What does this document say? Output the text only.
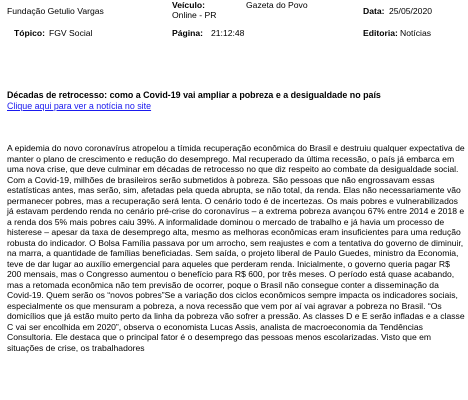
Fundação Getulio Vargas
Veículo:	Gazeta do Povo
Online - PR	Data: 25/05/2020
Tópico: FGV Social	Página: 21:12:48	Editoria: Notícias
Décadas de retrocesso: como a Covid-19 vai ampliar a pobreza e a desigualdade no país
Clique aqui para ver a notícia no site
A epidemia do novo coronavírus atropelou a tímida recuperação econômica do Brasil e destruiu qualquer expectativa de manter o plano de crescimento e redução do desemprego. Mal recuperado da última recessão, o país já embarca em uma nova crise, que deve culminar em décadas de retrocesso no que diz respeito ao combate da desigualdade social. Com a Covid-19, milhões de brasileiros serão submetidos à pobreza. São pessoas que não engrossavam essas estatísticas antes, mas serão, sim, afetadas pela queda abrupta, se não total, da renda. Elas não necessariamente vão permanecer pobres, mas a recuperação será lenta. O cenário todo é de incertezas. Os mais pobres e vulnerabilizados já estavam perdendo renda no cenário pré-crise do coronavírus – a extrema pobreza avançou 67% entre 2014 e 2018 e a renda dos 5% mais pobres caiu 39%. A informalidade dominou o mercado de trabalho e já havia um processo de histerese – apesar da taxa de desemprego alta, mesmo as melhoras econômicas eram insuficientes para uma redução robusta do indicador. O Bolsa Família passava por um arrocho, sem reajustes e com a tentativa do governo de diminuir, na marra, a quantidade de famílias beneficiadas. Sem saída, o projeto liberal de Paulo Guedes, ministro da Economia, teve de dar lugar ao auxílio emergencial para aqueles que perderam renda. Inicialmente, o governo queria pagar R$ 200 mensais, mas o Congresso aumentou o benefício para R$ 600, por três meses. O período está quase acabando, mas a retomada econômica não tem previsão de ocorrer, poque o Brasil não consegue conter a disseminação da Covid-19. Quem serão os “novos pobres”Se a variação dos ciclos econômicos sempre impacta os indicadores sociais, especialmente os que mensuram a pobreza, a nova recessão que vem por aí vai agravar a pobreza no Brasil. “Os domicílios que já estão muito perto da linha da pobreza vão sofrer a pressão. As classes D e E serão infladas e a classe C vai ser encolhida em 2020”, observa o economista Lucas Assis, analista de macroeconomia da Tendências Consultoria. Ele destaca que o principal fator é o desemprego das pessoas menos escolarizadas. Visto que em situações de crise, os trabalhadores
